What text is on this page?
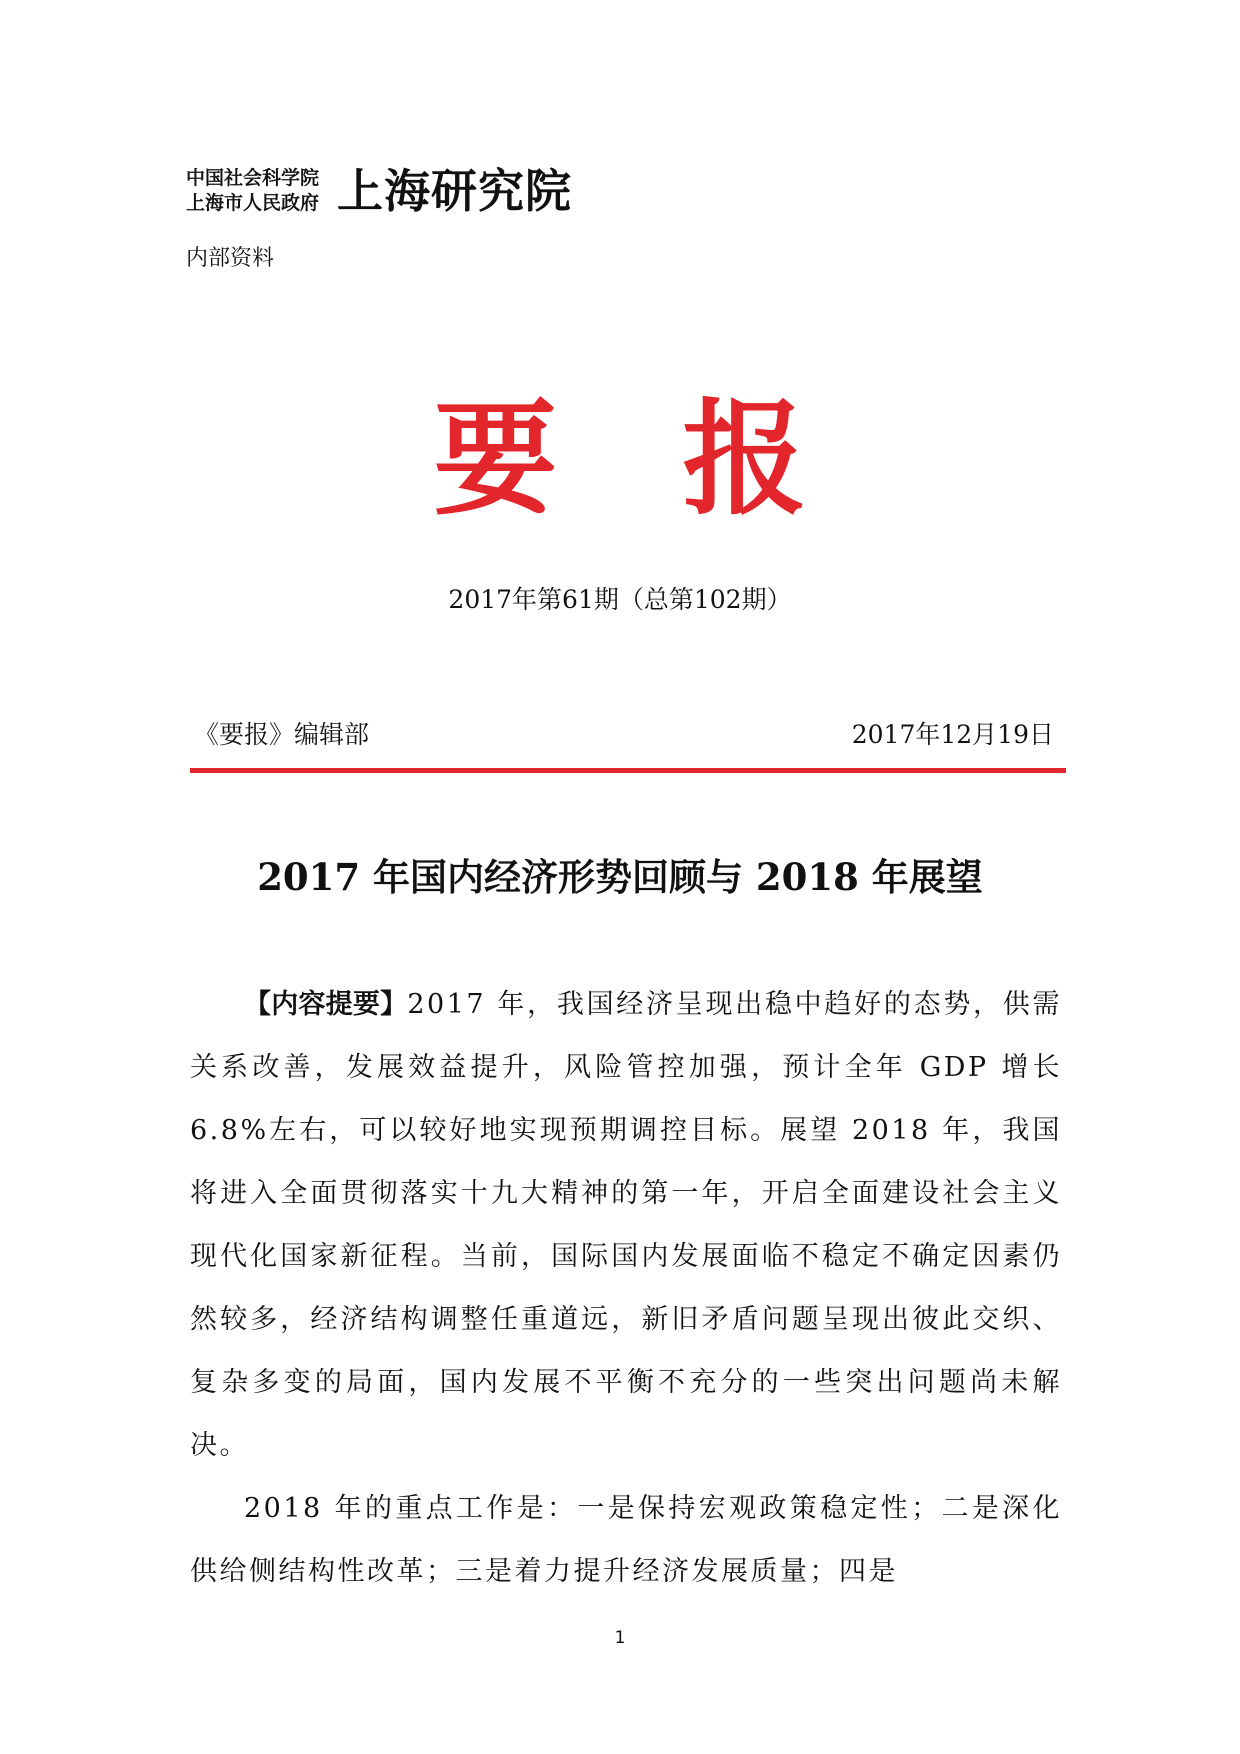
中国社会科学院
上海市人民政府 上海研究院
内部资料
要报
2017年第61期（总第102期）
《要报》编辑部	2017年12月19日
2017 年国内经济形势回顾与 2018 年展望

【内容提要】2017 年，我国经济呈现出稳中趋好的态势，供需关系改善，发展效益提升，风险管控加强，预计全年 GDP 增长 6.8%左右，可以较好地实现预期调控目标。展望 2018 年，我国将进入全面贯彻落实十九大精神的第一年，开启全面建设社会主义现代化国家新征程。当前，国际国内发展面临不稳定不确定因素仍然较多，经济结构调整任重道远，新旧矛盾问题呈现出彼此交织、复杂多变的局面，国内发展不平衡不充分的一些突出问题尚未解决。

2018 年的重点工作是：一是保持宏观政策稳定性；二是深化供给侧结构性改革；三是着力提升经济发展质量；四是

1
